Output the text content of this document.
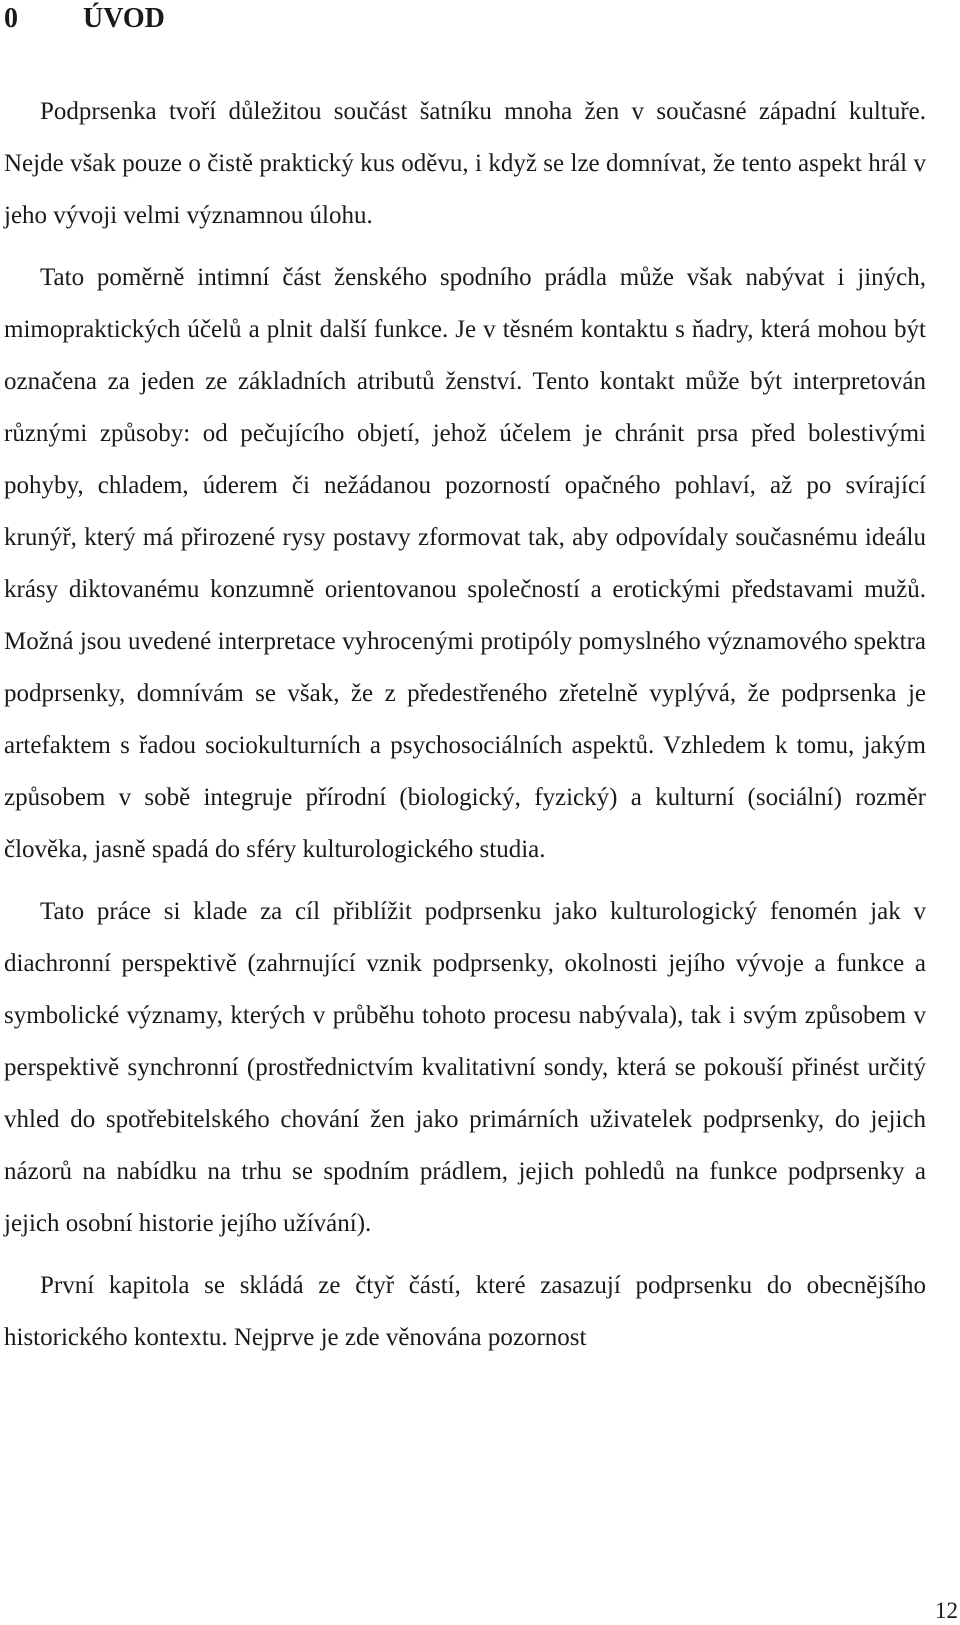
0	ÚVOD

Podprsenka tvoří důležitou součást šatníku mnoha žen v současné západní kultuře. Nejde však pouze o čistě praktický kus oděvu, i když se lze domnívat, že tento aspekt hrál v jeho vývoji velmi významnou úlohu.

Tato poměrně intimní část ženského spodního prádla může však nabývat i jiných, mimopraktických účelů a plnit další funkce. Je v těsném kontaktu s ňadry, která mohou být označena za jeden ze základních atributů ženství. Tento kontakt může být interpretován různými způsoby: od pečujícího objetí, jehož účelem je chránit prsa před bolestivými pohyby, chladem, úderem či nežádanou pozorností opačného pohlaví, až po svírající krunýř, který má přirozené rysy postavy zformovat tak, aby odpovídaly současnému ideálu krásy diktovanému konzumně orientovanou společností a erotickými představami mužů. Možná jsou uvedené interpretace vyhrocenými protipóly pomyslného významového spektra podprsenky, domnívám se však, že z předestřeného zřetelně vyplývá, že podprsenka je artefaktem s řadou sociokulturních a psychosociálních aspektů. Vzhledem k tomu, jakým způsobem v sobě integruje přírodní (biologický, fyzický) a kulturní (sociální) rozměr člověka, jasně spadá do sféry kulturologického studia.

Tato práce si klade za cíl přiblížit podprsenku jako kulturologický fenomén jak v diachronní perspektivě (zahrnující vznik podprsenky, okolnosti jejího vývoje a funkce a symbolické významy, kterých v průběhu tohoto procesu nabývala), tak i svým způsobem v perspektivě synchronní (prostřednictvím kvalitativní sondy, která se pokouší přinést určitý vhled do spotřebitelského chování žen jako primárních uživatelek podprsenky, do jejich názorů na nabídku na trhu se spodním prádlem, jejich pohledů na funkce podprsenky a jejich osobní historie jejího užívání).

První kapitola se skládá ze čtyř částí, které zasazují podprsenku do obecnějšího historického kontextu. Nejprve je zde věnována pozornost

12
